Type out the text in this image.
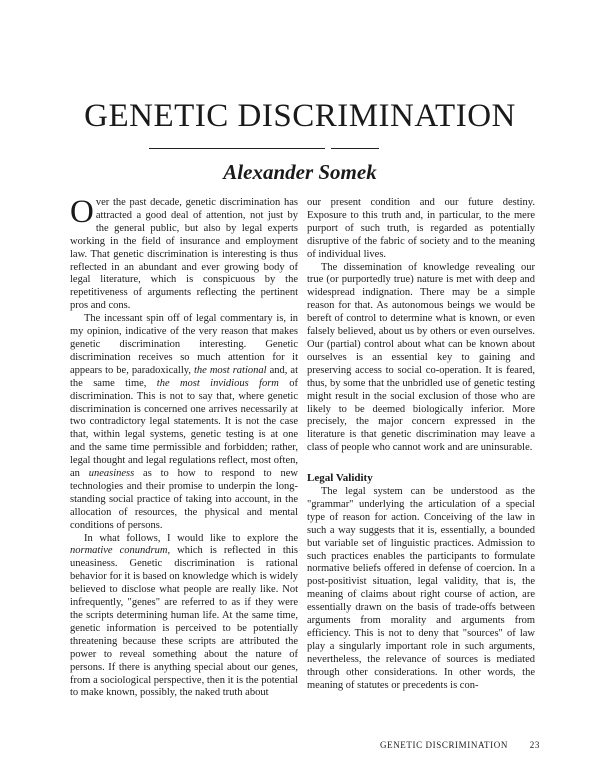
GENETIC DISCRIMINATION
Alexander Somek

Over the past decade, genetic discrimination has attracted a good deal of attention, not just by the general public, but also by legal experts working in the field of insurance and employment law. That genetic discrimination is interesting is thus reflected in an abundant and ever growing body of legal literature, which is conspicuous by the repetitiveness of arguments reflecting the pertinent pros and cons.

The incessant spin off of legal commentary is, in my opinion, indicative of the very reason that makes genetic discrimination interesting. Genetic discrimination receives so much attention for it appears to be, paradoxically, the most rational and, at the same time, the most invidious form of discrimination. This is not to say that, where genetic discrimination is concerned one arrives necessarily at two contradictory legal statements. It is not the case that, within legal systems, genetic testing is at one and the same time permissible and forbidden; rather, legal thought and legal regulations reflect, most often, an uneasiness as to how to respond to new technologies and their promise to underpin the long-standing social practice of taking into account, in the allocation of resources, the physical and mental conditions of persons.

In what follows, I would like to explore the normative conundrum, which is reflected in this uneasiness. Genetic discrimination is rational behavior for it is based on knowledge which is widely believed to disclose what people are really like. Not infrequently, "genes" are referred to as if they were the scripts determining human life. At the same time, genetic information is perceived to be potentially threatening because these scripts are attributed the power to reveal something about the nature of persons. If there is anything special about our genes, from a sociological perspective, then it is the potential to make known, possibly, the naked truth about

our present condition and our future destiny. Exposure to this truth and, in particular, to the mere purport of such truth, is regarded as potentially disruptive of the fabric of society and to the meaning of individual lives.

The dissemination of knowledge revealing our true (or purportedly true) nature is met with deep and widespread indignation. There may be a simple reason for that. As autonomous beings we would be bereft of control to determine what is known, or even falsely believed, about us by others or even ourselves. Our (partial) control about what can be known about ourselves is an essential key to gaining and preserving access to social co-operation. It is feared, thus, by some that the unbridled use of genetic testing might result in the social exclusion of those who are likely to be deemed biologically inferior. More precisely, the major concern expressed in the literature is that genetic discrimination may leave a class of people who cannot work and are uninsurable.

Legal Validity

The legal system can be understood as the "grammar" underlying the articulation of a special type of reason for action. Conceiving of the law in such a way suggests that it is, essentially, a bounded but variable set of linguistic practices. Admission to such practices enables the participants to formulate normative beliefs offered in defense of coercion. In a post-positivist situation, legal validity, that is, the meaning of claims about right course of action, are essentially drawn on the basis of trade-offs between arguments from morality and arguments from efficiency. This is not to deny that "sources" of law play a singularly important role in such arguments, nevertheless, the relevance of sources is mediated through other considerations. In other words, the meaning of statutes or precedents is con-

GENETIC DISCRIMINATION 23
